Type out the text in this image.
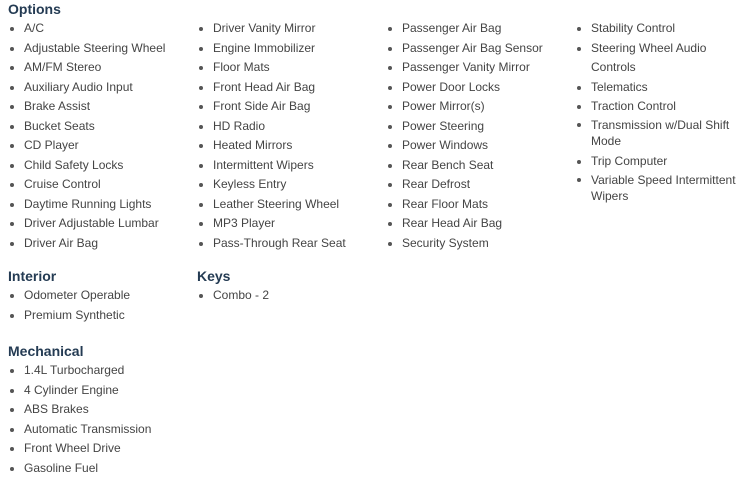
Options
A/C
Adjustable Steering Wheel
AM/FM Stereo
Auxiliary Audio Input
Brake Assist
Bucket Seats
CD Player
Child Safety Locks
Cruise Control
Daytime Running Lights
Driver Adjustable Lumbar
Driver Air Bag
Driver Vanity Mirror
Engine Immobilizer
Floor Mats
Front Head Air Bag
Front Side Air Bag
HD Radio
Heated Mirrors
Intermittent Wipers
Keyless Entry
Leather Steering Wheel
MP3 Player
Pass-Through Rear Seat
Passenger Air Bag
Passenger Air Bag Sensor
Passenger Vanity Mirror
Power Door Locks
Power Mirror(s)
Power Steering
Power Windows
Rear Bench Seat
Rear Defrost
Rear Floor Mats
Rear Head Air Bag
Security System
Stability Control
Steering Wheel Audio Controls
Telematics
Traction Control
Transmission w/Dual Shift Mode
Trip Computer
Variable Speed Intermittent Wipers
Interior
Odometer Operable
Premium Synthetic
Keys
Combo - 2
Mechanical
1.4L Turbocharged
4 Cylinder Engine
ABS Brakes
Automatic Transmission
Front Wheel Drive
Gasoline Fuel
